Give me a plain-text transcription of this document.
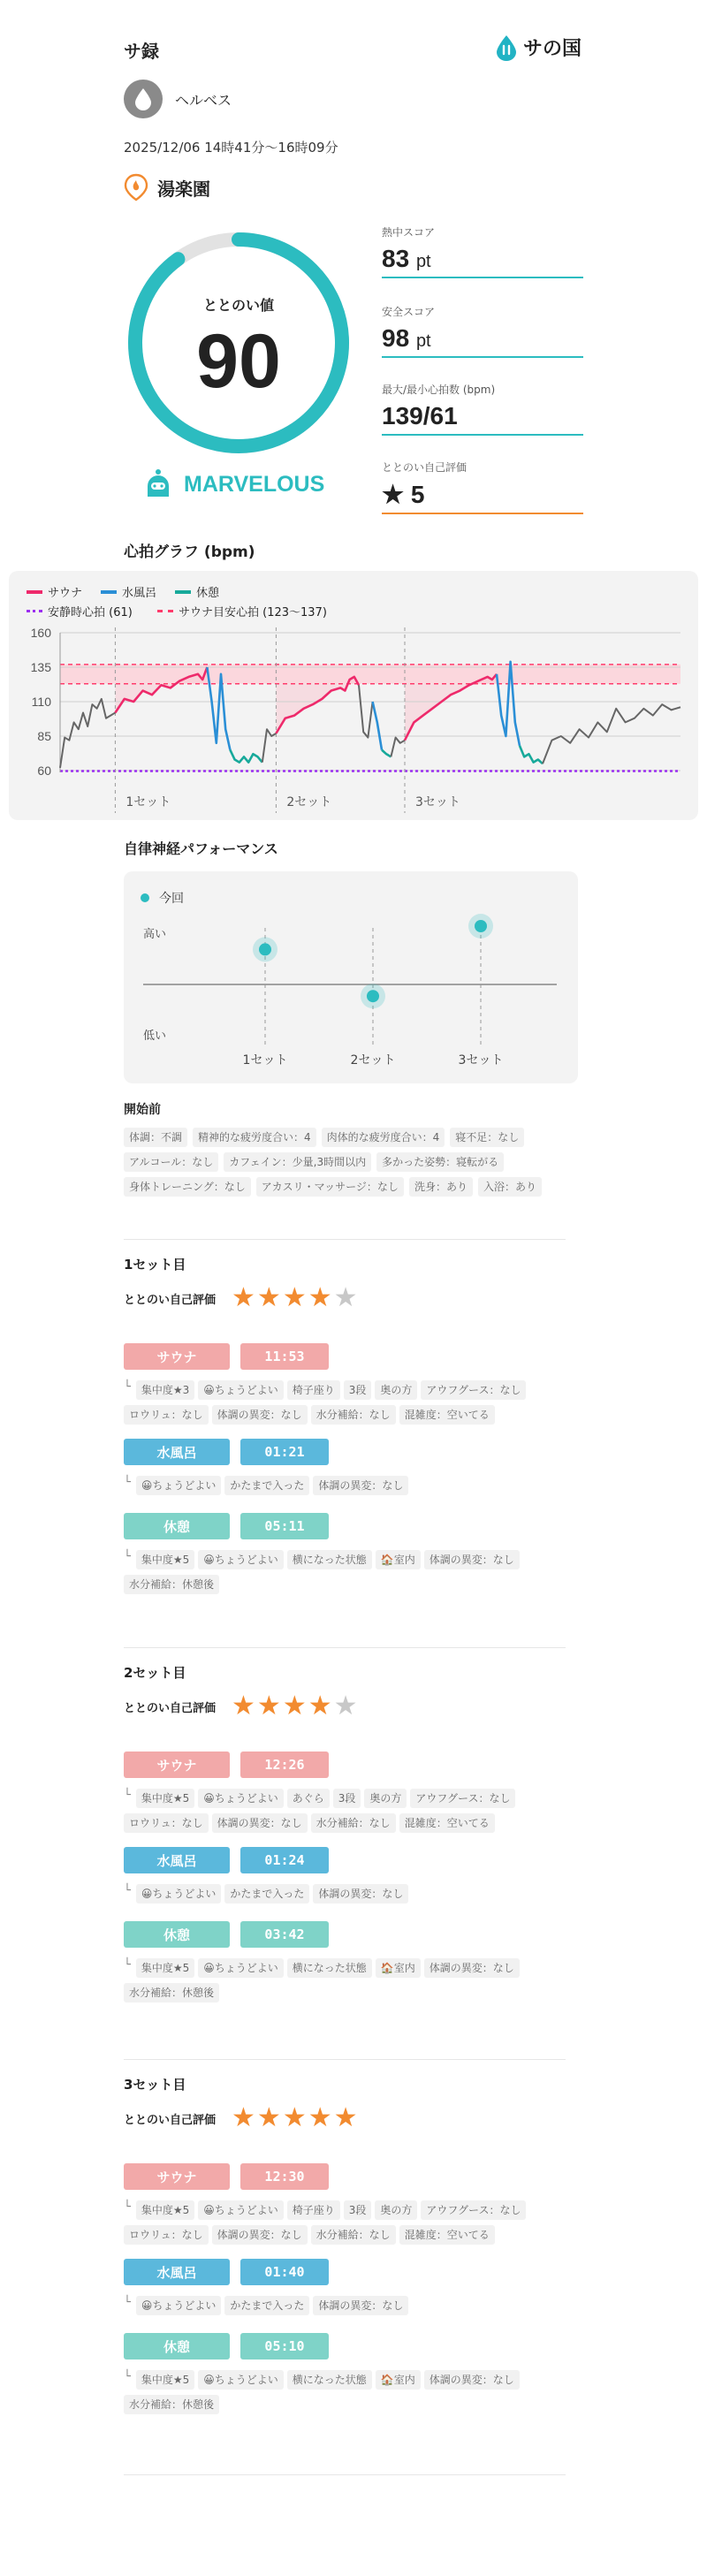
サ録	サの国
ヘルベス
2025/12/06 14時41分〜16時09分
湯楽園
ととのい値
90
MARVELOUS
熱中スコア
83 pt
安全スコア
98 pt
最大/最小心拍数 (bpm)
139/61
ととのい自己評価
★ 5
心拍グラフ (bpm)
サウナ	水風呂	休憩
安静時心拍 (61)	サウナ目安心拍 (123〜137)
160
135
110
85
60
1セット	2セット	3セット
自律神経パフォーマンス
今回
高い
低い
1セット	2セット	3セット
開始前
体調：不調	精神的な疲労度合い：4	肉体的な疲労度合い：4	寝不足：なし
アルコール：なし	カフェイン：少量,3時間以内	多かった姿勢：寝転がる
身体トレーニング：なし	アカスリ・マッサージ：なし	洗身：あり	入浴：あり
1セット目
ととのい自己評価 ★ ★ ★ ★ ★
サウナ	11:53
└	集中度★3	😀ちょうどよい	椅子座り	3段	奥の方	アウフグース：なし
ロウリュ：なし	体調の異変：なし	水分補給：なし	混雑度：空いてる
水風呂	01:21
└	😀ちょうどよい	かたまで入った	体調の異変：なし
休憩	05:11
└	集中度★5	😀ちょうどよい	横になった状態	🏠室内	体調の異変：なし
水分補給：休憩後
2セット目
ととのい自己評価 ★ ★ ★ ★ ★
サウナ	12:26
└	集中度★5	😀ちょうどよい	あぐら	3段	奥の方	アウフグース：なし
ロウリュ：なし	体調の異変：なし	水分補給：なし	混雑度：空いてる
水風呂	01:24
└	😀ちょうどよい	かたまで入った	体調の異変：なし
休憩	03:42
└	集中度★5	😀ちょうどよい	横になった状態	🏠室内	体調の異変：なし
水分補給：休憩後
3セット目
ととのい自己評価 ★ ★ ★ ★ ★
サウナ	12:30
└	集中度★5	😀ちょうどよい	椅子座り	3段	奥の方	アウフグース：なし
ロウリュ：なし	体調の異変：なし	水分補給：なし	混雑度：空いてる
水風呂	01:40
└	😀ちょうどよい	かたまで入った	体調の異変：なし
休憩	05:10
└	集中度★5	😀ちょうどよい	横になった状態	🏠室内	体調の異変：なし
水分補給：休憩後
